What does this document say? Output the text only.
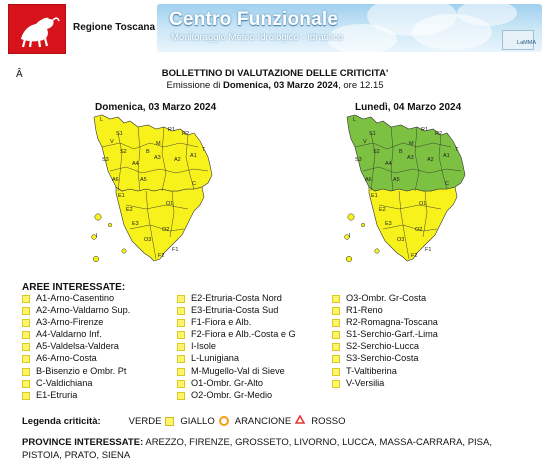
Regione Toscana Centro Funzionale
Monitoraggio Meteo Idrologico - Idraulico	LaMMA
Â	BOLLETTINO DI VALUTAZIONE DELLE CRITICITA'
Emissione di Domenica, 03 Marzo 2024, ore 12.15
Domenica, 03 Marzo 2024
R1
R2
M
A1
A2
A3
A4
A5
A6
B
C
V
T
S3
S2
S1
E1
E2
E3
F1
F2
I
L
O1
O2
O3
Lunedì, 04 Marzo 2024
R1
R2
M
A1
A2
A3
A4
A5
A6
B
C
V
T
S3
S2
S1
E1
E2
E3
F1
F2
I
L
O1
O2
O3
AREE INTERESSATE:
A1-Arno-Casentino
A2-Arno-Valdarno Sup.
A3-Arno-Firenze
A4-Valdarno Inf.
A5-Valdelsa-Valdera
A6-Arno-Costa
B-Bisenzio e Ombr. Pt
C-Valdichiana
E1-Etruria
E2-Etruria-Costa Nord
E3-Etruria-Costa Sud
F1-Fiora e Alb.
F2-Fiora e Alb.-Costa e G
I-Isole
L-Lunigiana
M-Mugello-Val di Sieve
O1-Ombr. Gr-Alto
O2-Ombr. Gr-Medio
O3-Ombr. Gr-Costa
R1-Reno
R2-Romagna-Toscana
S1-Serchio-Garf.-Lima
S2-Serchio-Lucca
S3-Serchio-Costa
T-Valtiberina
V-Versilia
Legenda criticità:	VERDE GIALLO ARANCIONE ROSSO
PROVINCE INTERESSATE: AREZZO, FIRENZE, GROSSETO, LIVORNO, LUCCA, MASSA-CARRARA, PISA, PISTOIA, PRATO, SIENA
